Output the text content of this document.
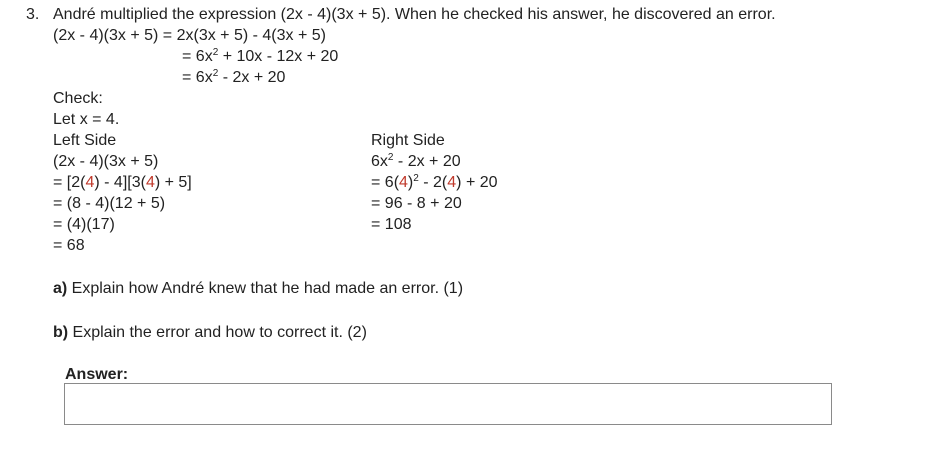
3. André multiplied the expression (2x - 4)(3x + 5). When he checked his answer, he discovered an error.
(2x - 4)(3x + 5) = 2x(3x + 5) - 4(3x + 5)
= $6x^2 + 10x - 12x + 20$
= $6x^2 - 2x + 20$
Check:
Let x = 4.
Left Side
(2x - 4)(3x + 5)
= [2(4) - 4][3(4) + 5]
= (8 - 4)(12 + 5)
= (4)(17)
= 68
Right Side
$6x^2 - 2x + 20$
= $6(4)^2 - 2(4) + 20$
= 96 - 8 + 20
= 108
a) Explain how André knew that he had made an error. (1)
b) Explain the error and how to correct it. (2)
Answer:
